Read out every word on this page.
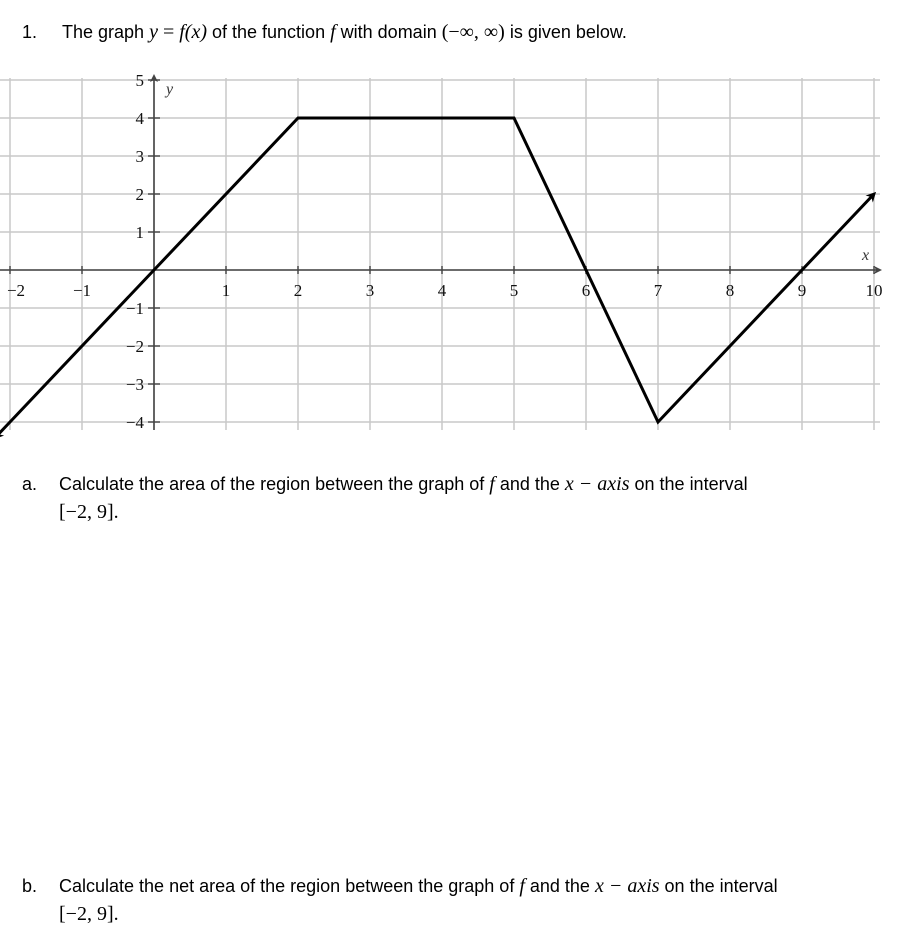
1. The graph y = f(x) of the function f with domain (−∞, ∞) is given below.
−2	−1	1	2	3	4	5	6	7	8	9	10
−4
−3
−2
−1
1
2
3
4
5
x
y
a. Calculate the area of the region between the graph of f and the x − axis on the interval
[−2, 9].
b. Calculate the net area of the region between the graph of f and the x − axis on the interval
[−2, 9].
